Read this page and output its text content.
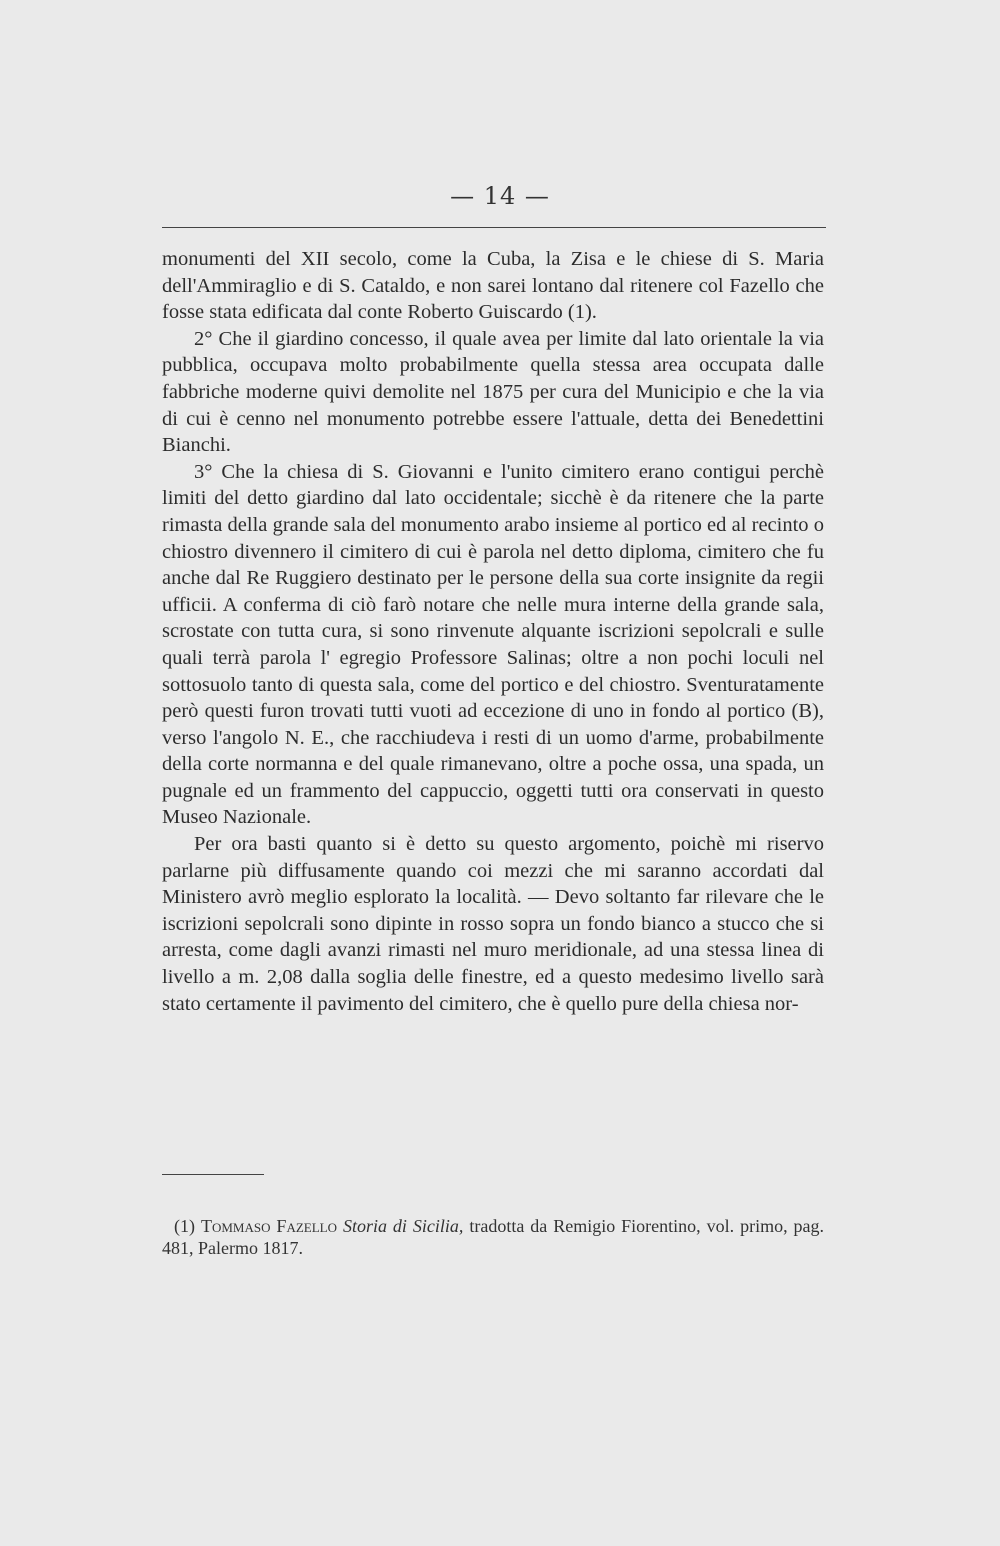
— 14 —

monumenti del XII secolo, come la Cuba, la Zisa e le chiese di S. Maria dell'Ammiraglio e di S. Cataldo, e non sarei lontano dal ritenere col Fazello che fosse stata edificata dal conte Roberto Guiscardo (1).

2° Che il giardino concesso, il quale avea per limite dal lato orientale la via pubblica, occupava molto probabilmente quella stessa area occupata dalle fabbriche moderne quivi demolite nel 1875 per cura del Municipio e che la via di cui è cenno nel monumento potrebbe essere l'attuale, detta dei Benedettini Bianchi.

3° Che la chiesa di S. Giovanni e l'unito cimitero erano contigui perchè limiti del detto giardino dal lato occidentale; sicchè è da ritenere che la parte rimasta della grande sala del monumento arabo insieme al portico ed al recinto o chiostro divennero il cimitero di cui è parola nel detto diploma, cimitero che fu anche dal Re Ruggiero destinato per le persone della sua corte insignite da regii ufficii. A conferma di ciò farò notare che nelle mura interne della grande sala, scrostate con tutta cura, si sono rinvenute alquante iscrizioni sepolcrali e sulle quali terrà parola l' egregio Professore Salinas; oltre a non pochi loculi nel sottosuolo tanto di questa sala, come del portico e del chiostro. Sventuratamente però questi furon trovati tutti vuoti ad eccezione di uno in fondo al portico (B), verso l'angolo N. E., che racchiudeva i resti di un uomo d'arme, probabilmente della corte normanna e del quale rimanevano, oltre a poche ossa, una spada, un pugnale ed un frammento del cappuccio, oggetti tutti ora conservati in questo Museo Nazionale.

Per ora basti quanto si è detto su questo argomento, poichè mi riservo parlarne più diffusamente quando coi mezzi che mi saranno accordati dal Ministero avrò meglio esplorato la località. — Devo soltanto far rilevare che le iscrizioni sepolcrali sono dipinte in rosso sopra un fondo bianco a stucco che si arresta, come dagli avanzi rimasti nel muro meridionale, ad una stessa linea di livello a m. 2,08 dalla soglia delle finestre, ed a questo medesimo livello sarà stato certamente il pavimento del cimitero, che è quello pure della chiesa nor-

(1) Tommaso Fazello Storia di Sicilia, tradotta da Remigio Fiorentino, vol. primo, pag. 481, Palermo 1817.
